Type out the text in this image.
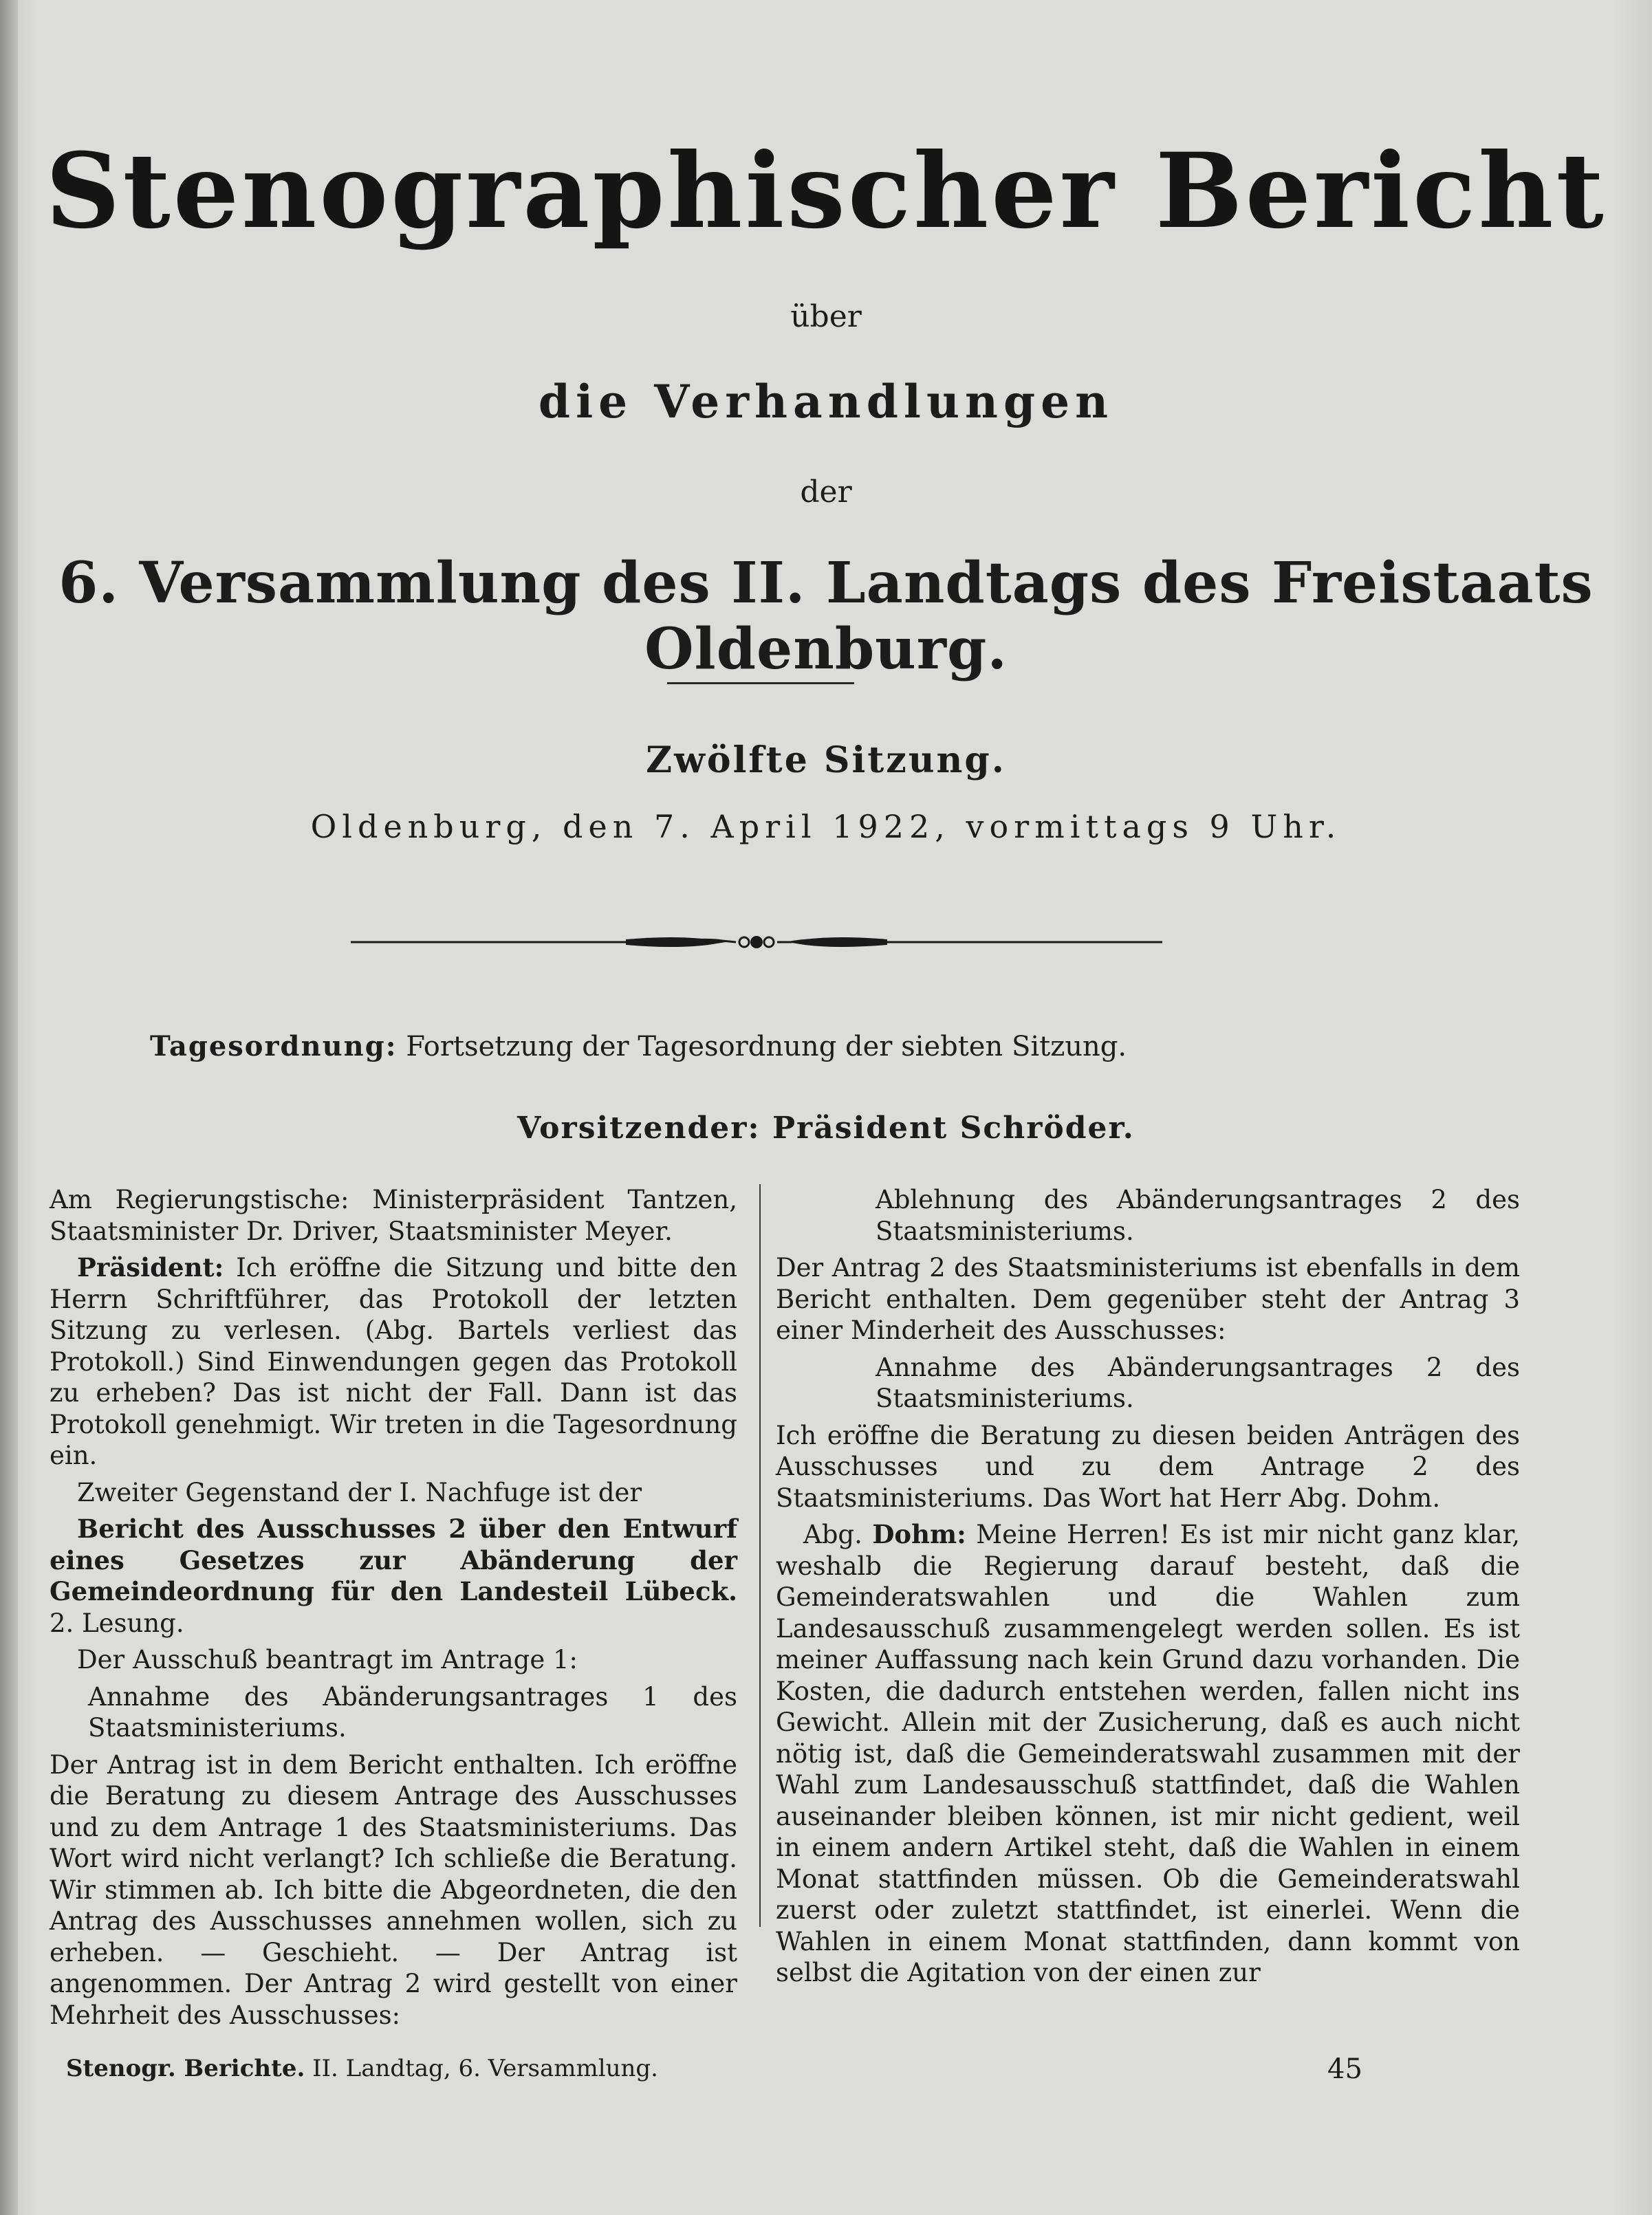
Stenographischer Bericht
über
die Verhandlungen
der
6. Versammlung des II. Landtags des Freistaats Oldenburg.
Zwölfte Sitzung.
Oldenburg, den 7. April 1922, vormittags 9 Uhr.
Tagesordnung: Fortsetzung der Tagesordnung der siebten Sitzung.
Vorsitzender: Präsident Schröder.

Am Regierungstische: Ministerpräsident Tantzen, Staatsminister Dr. Driver, Staatsminister Meyer.

Präsident: Ich eröffne die Sitzung und bitte den Herrn Schriftführer, das Protokoll der letzten Sitzung zu verlesen. (Abg. Bartels verliest das Protokoll.) Sind Einwendungen gegen das Protokoll zu erheben? Das ist nicht der Fall. Dann ist das Protokoll genehmigt. Wir treten in die Tagesordnung ein.

Zweiter Gegenstand der I. Nachfuge ist der

Bericht des Ausschusses 2 über den Entwurf eines Gesetzes zur Abänderung der Gemeindeordnung für den Landesteil Lübeck. 2. Lesung.

Der Ausschuß beantragt im Antrage 1:

Annahme des Abänderungsantrages 1 des Staatsministeriums.

Der Antrag ist in dem Bericht enthalten. Ich eröffne die Beratung zu diesem Antrage des Ausschusses und zu dem Antrage 1 des Staatsministeriums. Das Wort wird nicht verlangt? Ich schließe die Beratung. Wir stimmen ab. Ich bitte die Abgeordneten, die den Antrag des Ausschusses annehmen wollen, sich zu erheben. — Geschieht. — Der Antrag ist angenommen. Der Antrag 2 wird gestellt von einer Mehrheit des Ausschusses:

Ablehnung des Abänderungsantrages 2 des Staatsministeriums.

Der Antrag 2 des Staatsministeriums ist ebenfalls in dem Bericht enthalten. Dem gegenüber steht der Antrag 3 einer Minderheit des Ausschusses:

Annahme des Abänderungsantrages 2 des Staatsministeriums.

Ich eröffne die Beratung zu diesen beiden Anträgen des Ausschusses und zu dem Antrage 2 des Staatsministeriums. Das Wort hat Herr Abg. Dohm.

Abg. Dohm: Meine Herren! Es ist mir nicht ganz klar, weshalb die Regierung darauf besteht, daß die Gemeinderatswahlen und die Wahlen zum Landesausschuß zusammengelegt werden sollen. Es ist meiner Auffassung nach kein Grund dazu vorhanden. Die Kosten, die dadurch entstehen werden, fallen nicht ins Gewicht. Allein mit der Zusicherung, daß es auch nicht nötig ist, daß die Gemeinderatswahl zusammen mit der Wahl zum Landesausschuß stattfindet, daß die Wahlen auseinander bleiben können, ist mir nicht gedient, weil in einem andern Artikel steht, daß die Wahlen in einem Monat stattfinden müssen. Ob die Gemeinderatswahl zuerst oder zuletzt stattfindet, ist einerlei. Wenn die Wahlen in einem Monat stattfinden, dann kommt von selbst die Agitation von der einen zur

Stenogr. Berichte. II. Landtag, 6. Versammlung.	45
